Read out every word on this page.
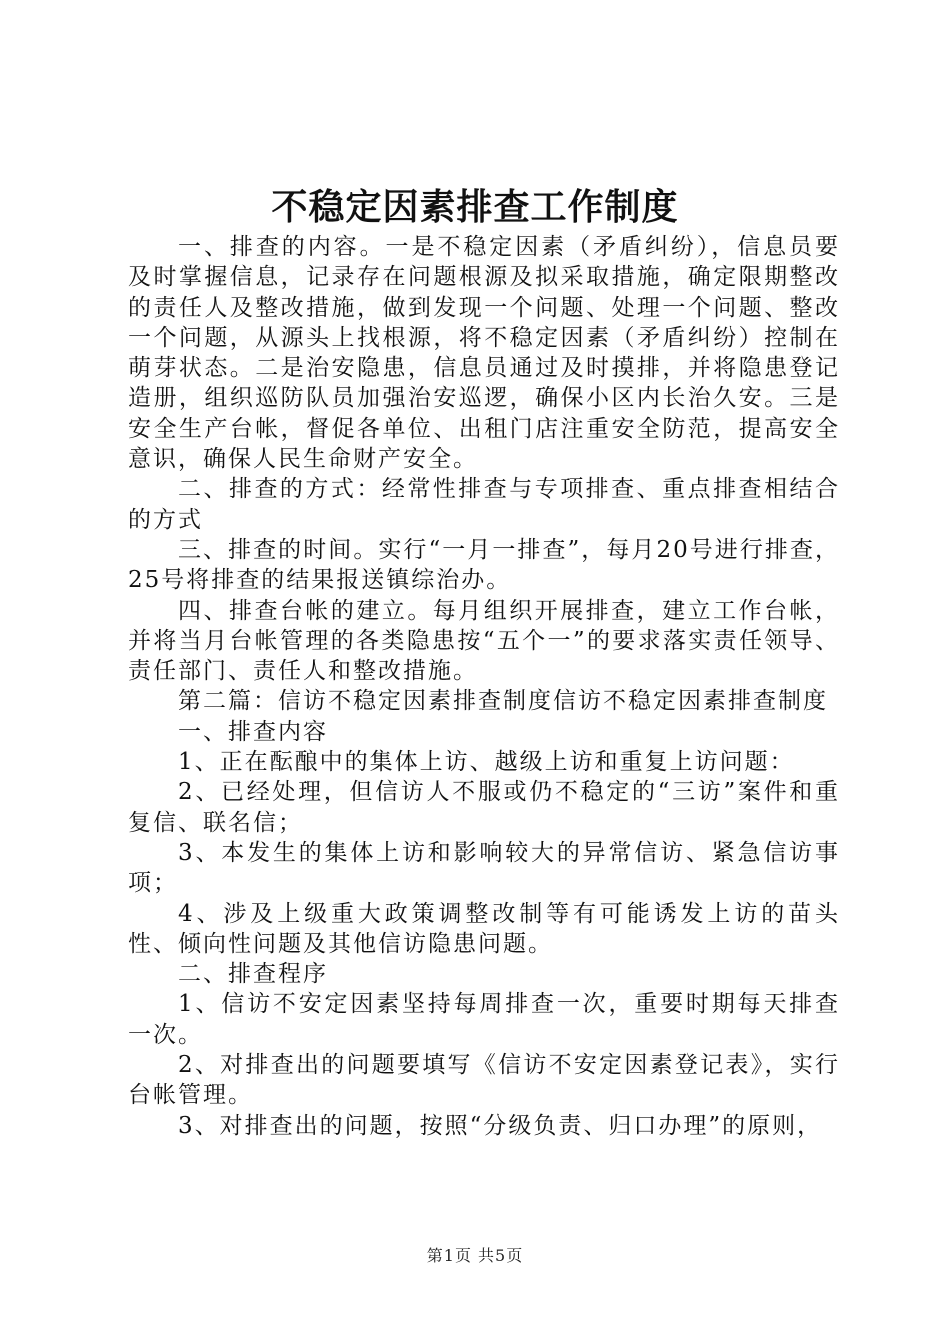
不稳定因素排查工作制度

一、排查的内容。一是不稳定因素（矛盾纠纷），信息员要及时掌握信息，记录存在问题根源及拟采取措施，确定限期整改的责任人及整改措施，做到发现一个问题、处理一个问题、整改一个问题，从源头上找根源，将不稳定因素（矛盾纠纷）控制在萌芽状态。二是治安隐患，信息员通过及时摸排，并将隐患登记造册，组织巡防队员加强治安巡逻，确保小区内长治久安。三是安全生产台帐，督促各单位、出租门店注重安全防范，提高安全意识，确保人民生命财产安全。

二、排查的方式：经常性排查与专项排查、重点排查相结合的方式

三、排查的时间。实行“一月一排查”，每月20号进行排查，25号将排查的结果报送镇综治办。

四、排查台帐的建立。每月组织开展排查，建立工作台帐，并将当月台帐管理的各类隐患按“五个一”的要求落实责任领导、责任部门、责任人和整改措施。

第二篇：信访不稳定因素排查制度信访不稳定因素排查制度

一、排查内容

1、正在酝酿中的集体上访、越级上访和重复上访问题：

2、已经处理，但信访人不服或仍不稳定的“三访”案件和重复信、联名信；

3、本发生的集体上访和影响较大的异常信访、紧急信访事项；

4、涉及上级重大政策调整改制等有可能诱发上访的苗头性、倾向性问题及其他信访隐患问题。

二、排查程序

1、信访不安定因素坚持每周排查一次，重要时期每天排查一次。

2、对排查出的问题要填写《信访不安定因素登记表》，实行台帐管理。

3、对排查出的问题，按照“分级负责、归口办理”的原则，

第1页 共5页
